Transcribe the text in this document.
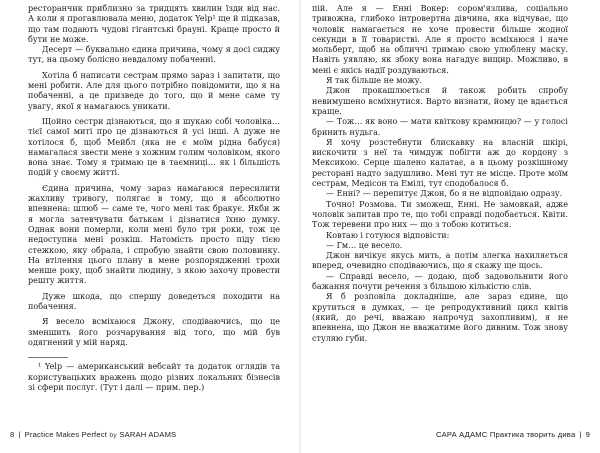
ресторанчик приблизно за тридцять хвилин їзди від нас. А коли я прогавлювала меню, додаток Yelp¹ ще й підказав, що там подають чудові гігантські брауні. Краще просто й бути не може.

Десерт — буквально єдина причина, чому я досі сиджу тут, на цьому болісно невдалому побаченні.

Хотіла б написати сестрам прямо зараз і запитати, що мені робити. Але для цього потрібно повідомити, що я на побаченні, а це призведе до того, що й мене саме ту увагу, якої я намагаюсь уникати.

Щойно сестри дізнаються, що я шукаю собі чоловіка… тієї самої миті про це дізнаються й усі інші. А дуже не хотілося б, щоб Мейбл (яка не є моїм рідна бабуся) намагалася звести мене з хожним голим чоловіком, якого вона знає. Тому я тримаю це в таємниці… як і більшість подій у своєму житті.

Єдина причина, чому зараз намагаюся пересилити жахливу тривогу, полягає в тому, що я абсолютно впевнена: шлюб — саме те, чого мені так бракує. Якби ж я могла затевчувати батькам і дізнатися їхню думку. Однак вони померли, коли мені було три роки, тож це недоступна мені розкіш. Натомість просто піду тією стежкою, яку обрала, і спробую знайти свою половинку. На втілення цього плану в мене розпорядженні трохи менше року, щоб знайти людину, з якою захочу провести решту життя.

Дуже шкода, що спершу доведеться походити на побачення.

Я весело всміхаюся Джону, сподіваючись, що це зменшить його розчарування від того, що мій був одягнений у мій наряд.

¹ Yelp — американський вебсайт та додаток оглядів та користувацьких вражень щодо різних локальних бізнесів зі сфери послуг. (Тут і далі — прим. пер.)

8 | Practice Makes Perfect by SARAH ADAMS	САРА АДАМС Практика творить дива | 9

пій. Але я — Енні Вокер: сором'язлива, соціально тривожна, глибоко інтровертна дівчина, яка відчуває, що чоловік намагається не хоче провести більше жодної секунди в її товаристві. Але я просто всміхаюся і наче мольберт, щоб на обличчі тримаю свою улюблену маску. Навіть уявляю, як збоку вона нагадує вищир. Можливо, в мені є якісь надії роздуваються.

Я так більше не можу.

Джон прокашлюється й також робить спробу невимушено всміхнутися. Варто визнати, йому це вдається краще.

— Тож… як воно — мати квіткову крамницю? — у голосі бринить нудьга.

Я хочу розстебнути блискавку на власній шкірі, вискочити з неї та чимдуж побігти аж до кордону з Мексикою. Серце шалено калатає, а в цьому розкішному ресторані надто задушливо. Мені тут не місце. Проте моїм сестрам, Медісон та Емілі, тут сподобалося б.

— Енні? — перепитує Джон, бо я не відповідаю одразу.

Точно! Розмова. Ти зможеш, Енні. Не замовкай, адже чоловік запитав про те, що тобі справді подобається. Квіти. Тож теревени про них — що з тобою котиться.

Ковтаю і готуюся відповісти:

— Гм… це весело.

Джон вичікує якусь мить, а потім злегка нахиляється вперед, очевидно сподіваючись, що я скажу ще щось.

— Справді весело, — додаю, щоб задовольнити його бажання почути речення з більшою кількістю слів.

Я б розповіла докладніше, але зараз єдине, що крутиться в думках, — це репродуктивний цикл квітів (який, до речі, вважаю напрочуд захопливим), я не впевнена, що Джон не вважатиме його дивним. Тож знову стуляю губи.
